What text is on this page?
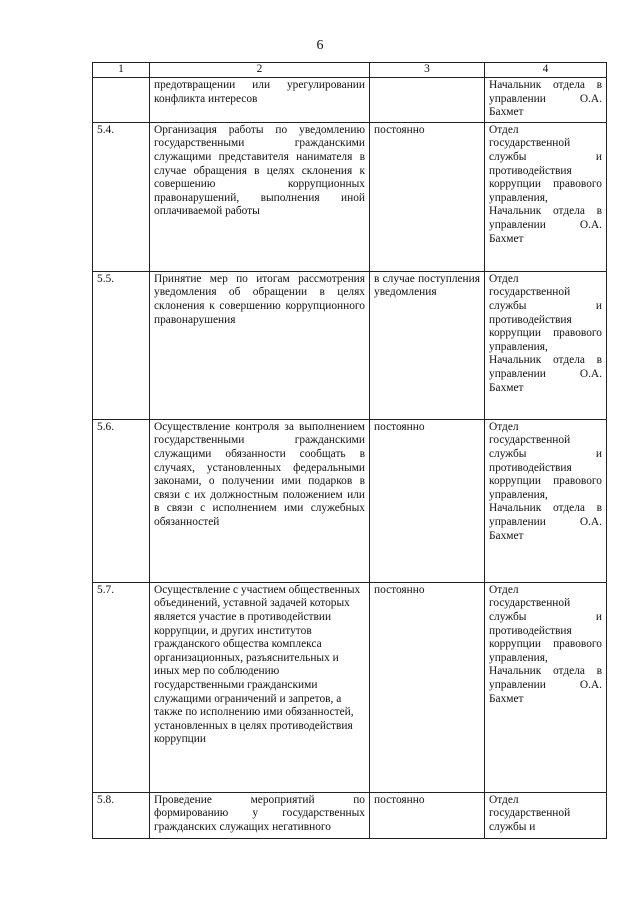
6
1	2	3	4
	предотвращении или урегулировании конфликта интересов		Начальник отдела в управлении О.А. Бахмет
5.4.	Организация работы по уведомлению государственными гражданскими служащими представителя нанимателя в случае обращения в целях склонения к совершению коррупционных правонарушений, выполнения иной оплачиваемой работы	постоянно	Отдел государственной службы и противодействия коррупции правового управления, Начальник отдела в управлении О.А. Бахмет
5.5.	Принятие мер по итогам рассмотрения уведомления об обращении в целях склонения к совершению коррупционного правонарушения	в случае поступления уведомления	Отдел государственной службы и противодействия коррупции правового управления, Начальник отдела в управлении О.А. Бахмет
5.6.	Осуществление контроля за выполнением государственными гражданскими служащими обязанности сообщать в случаях, установленных федеральными законами, о получении ими подарков в связи с их должностным положением или в связи с исполнением ими служебных обязанностей	постоянно	Отдел государственной службы и противодействия коррупции правового управления, Начальник отдела в управлении О.А. Бахмет
5.7.	Осуществление с участием общественных объединений, уставной задачей которых является участие в противодействии коррупции, и других институтов гражданского общества комплекса организационных, разъяснительных и иных мер по соблюдению государственными гражданскими служащими ограничений и запретов, а также по исполнению ими обязанностей, установленных в целях противодействия коррупции	постоянно	Отдел государственной службы и противодействия коррупции правового управления, Начальник отдела в управлении О.А. Бахмет
5.8.	Проведение мероприятий по формированию у государственных гражданских служащих негативного	постоянно	Отдел государственной службы и
